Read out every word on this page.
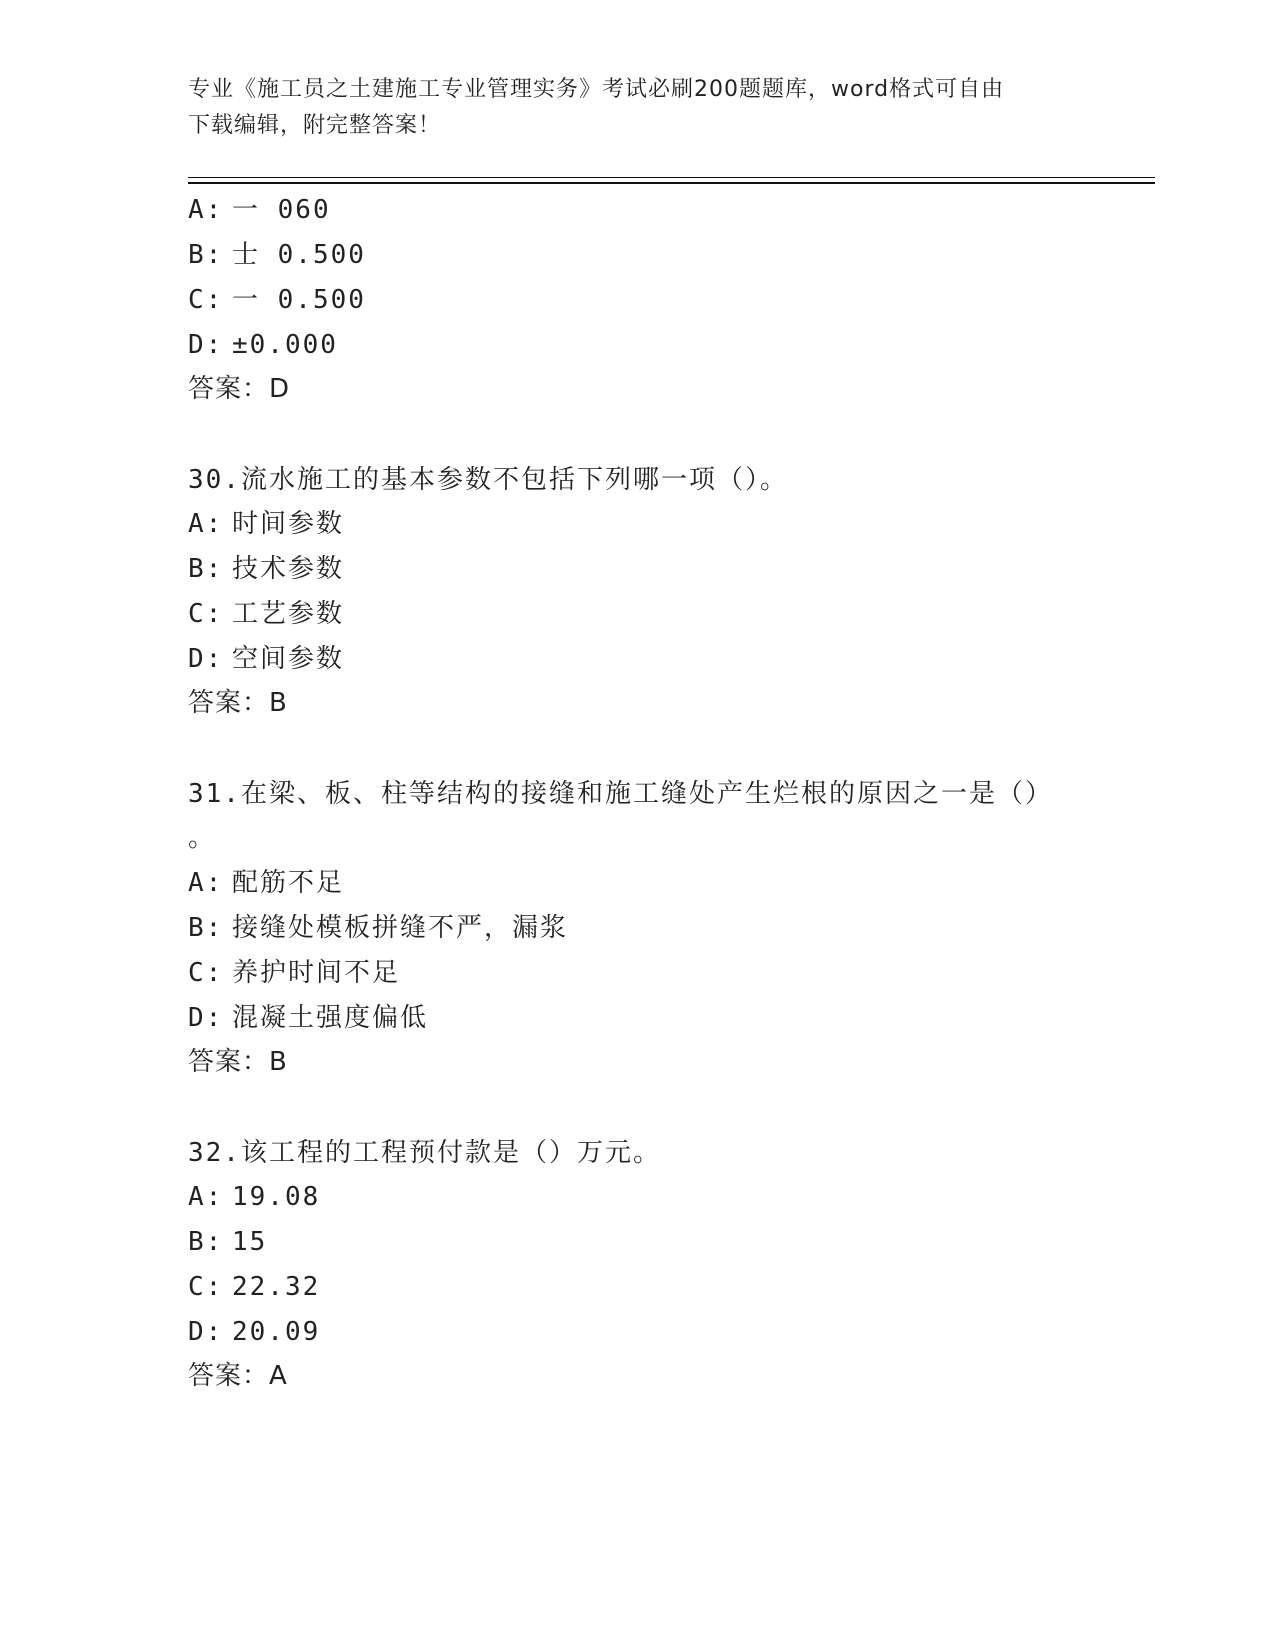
专业《施工员之土建施工专业管理实务》考试必刷200题题库，word格式可自由
下载编辑，附完整答案！
A: 一 060
B: 士 0.500
C: 一 0.500
D: ±0.000
答案：D
30.流水施工的基本参数不包括下列哪一项（）。
A: 时间参数
B: 技术参数
C: 工艺参数
D: 空间参数
答案：B
31.在梁、板、柱等结构的接缝和施工缝处产生烂根的原因之一是（）
。
A: 配筋不足
B: 接缝处模板拼缝不严，漏浆
C: 养护时间不足
D: 混凝土强度偏低
答案：B
32.该工程的工程预付款是（）万元。
A: 19.08
B: 15
C: 22.32
D: 20.09
答案：A
